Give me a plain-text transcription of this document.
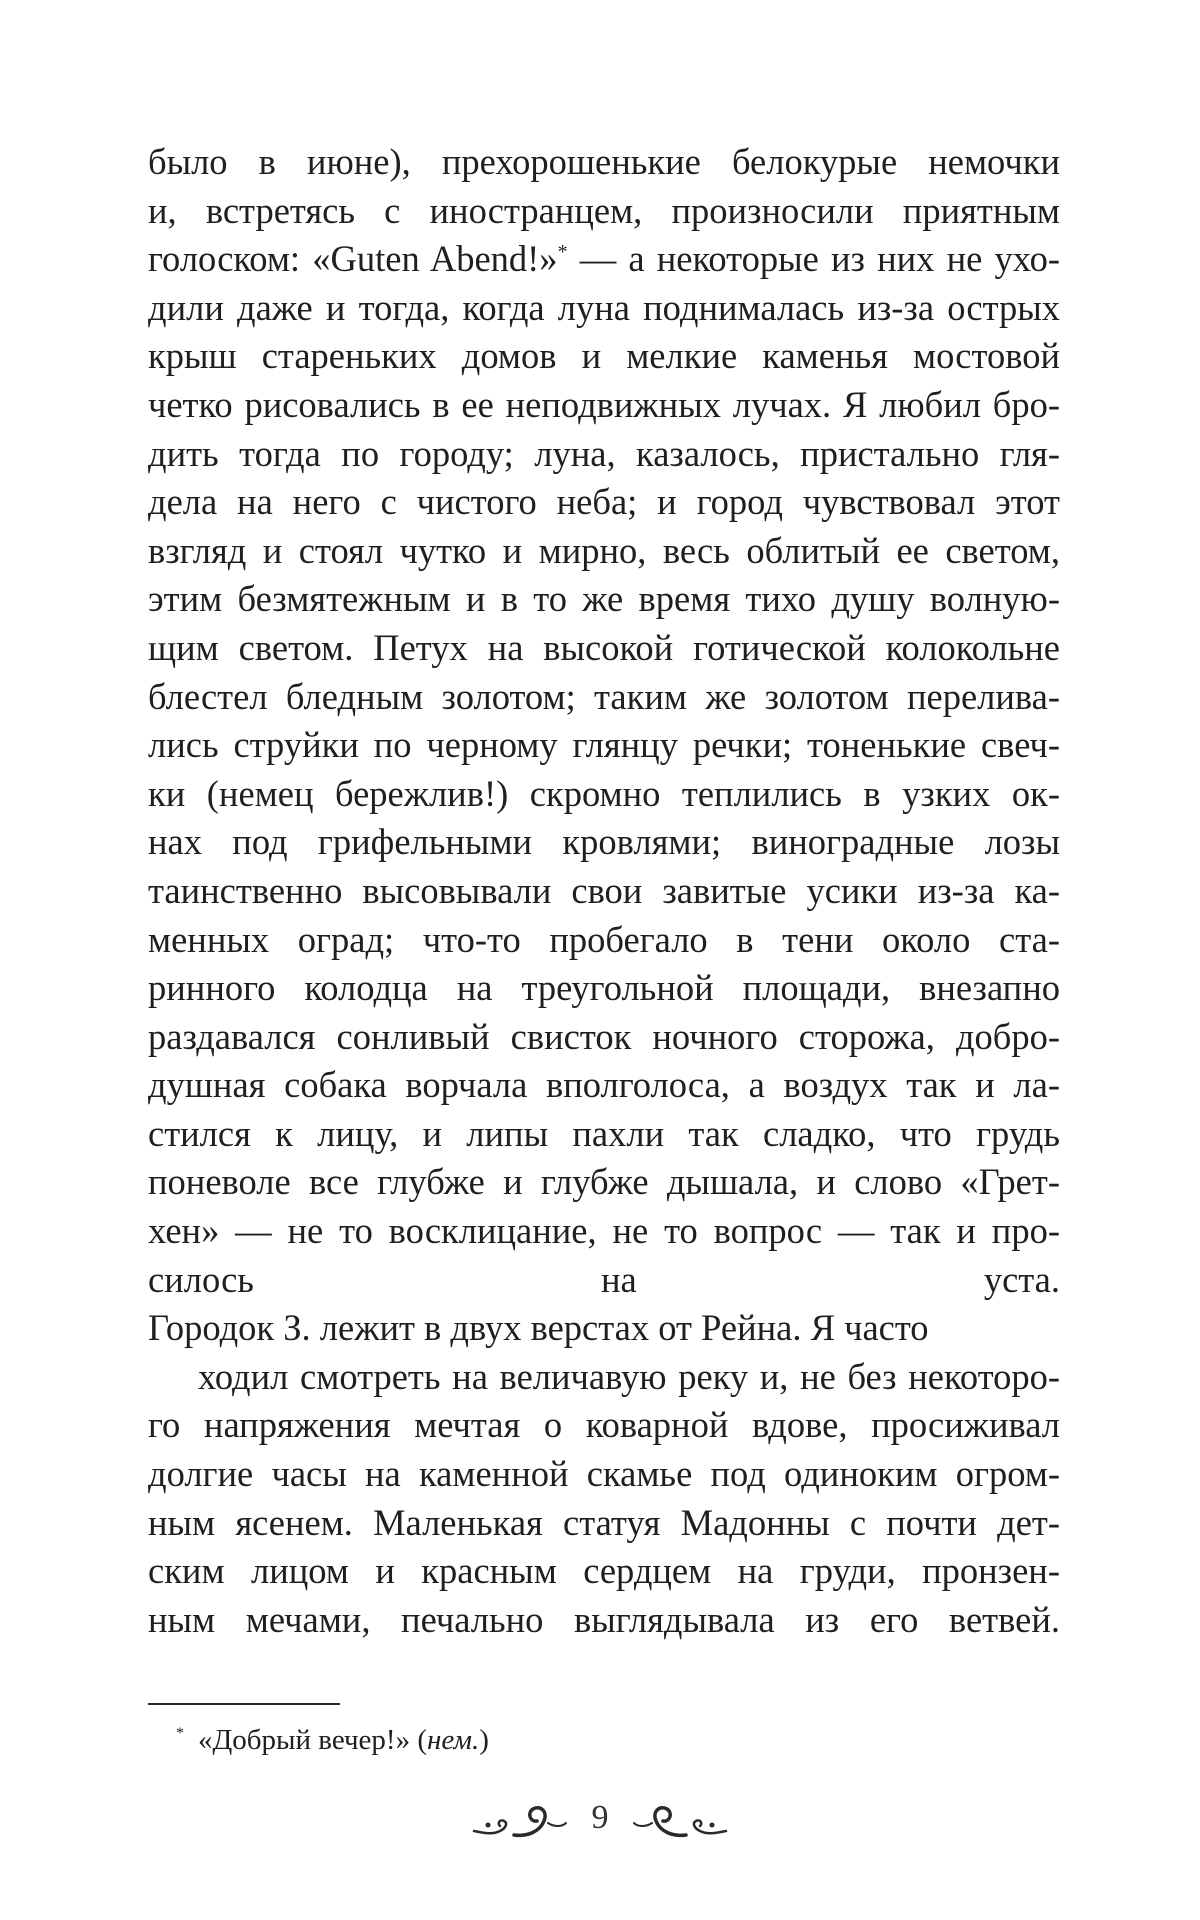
было в июне), прехорошенькие белокурые немочки
и, встретясь с иностранцем, произносили приятным
голоском: «Guten Abend!»* — а некоторые из них не ухо-
дили даже и тогда, когда луна поднималась из-за острых
крыш старенькиx домов и мелкие каменья мостовой
четко рисовались в ее неподвижных лучах. Я любил бро-
дить тогда по городу; луна, казалось, пристально гля-
дела на него с чистого неба; и город чувствовал этот
взгляд и стоял чутко и мирно, весь облитый ее светом,
этим безмятежным и в то же время тихо душу волную-
щим светом. Петух на высокой готической колокольне
блестел бледным золотом; таким же золотом перелива-
лись струйки по черному глянцу речки; тоненькие свеч-
ки (немец бережлив!) скромно теплились в узких ок-
нах под грифельными кровлями; виноградные лозы
таинственно высовывали свои завитые усики из-за ка-
менных оград; что-то пробегало в тени около ста-
ринного колодца на треугольной площади, внезапно
раздавался сонливый свисток ночного сторожа, добро-
душная собака ворчала вполголоса, а воздух так и ла-
стился к лицу, и липы пахли так сладко, что грудь
поневоле все глубже и глубже дышала, и слово «Грет-
хен» — не то восклицание, не то вопрос — так и про-
силось на уста.
Городок З. лежит в двух верстах от Рейна. Я часто
ходил смотреть на величавую реку и, не без некоторо-
го напряжения мечтая о коварной вдове, просиживал
долгие часы на каменной скамье под одиноким огром-
ным ясенем. Маленькая статуя Мадонны с почти дет-
ским лицом и красным сердцем на груди, пронзен-
ным мечами, печально выглядывала из его ветвей.
* «Добрый вечер!» (нем.)
9
